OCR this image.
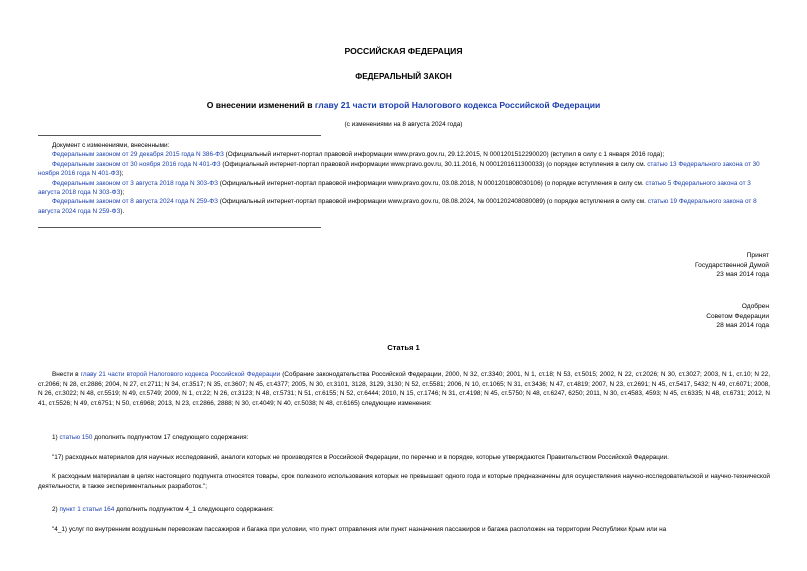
РОССИЙСКАЯ ФЕДЕРАЦИЯ
ФЕДЕРАЛЬНЫЙ ЗАКОН
О внесении изменений в главу 21 части второй Налогового кодекса Российской Федерации
(с изменениями на 8 августа 2024 года)
Документ с изменениями, внесенными:
Федеральным законом от 29 декабря 2015 года N 386-ФЗ (Официальный интернет-портал правовой информации www.pravo.gov.ru, 29.12.2015, N 0001201512290020) (вступил в силу с 1 января 2016 года);
Федеральным законом от 30 ноября 2016 года N 401-ФЗ (Официальный интернет-портал правовой информации www.pravo.gov.ru, 30.11.2016, N 0001201611300033) (о порядке вступления в силу см. статью 13 Федерального закона от 30 ноября 2016 года N 401-ФЗ);
Федеральным законом от 3 августа 2018 года N 303-ФЗ (Официальный интернет-портал правовой информации www.pravo.gov.ru, 03.08.2018, N 0001201808030106) (о порядке вступления в силу см. статью 5 Федерального закона от 3 августа 2018 года N 303-ФЗ);
Федеральным законом от 8 августа 2024 года N 259-ФЗ (Официальный интернет-портал правовой информации www.pravo.gov.ru, 08.08.2024, № 0001202408080089) (о порядке вступления в силу см. статью 19 Федерального закона от 8 августа 2024 года N 259-ФЗ).
Принят
Государственной Думой
23 мая 2014 года
Одобрен
Советом Федерации
28 мая 2014 года
Статья 1

Внести в главу 21 части второй Налогового кодекса Российской Федерации (Собрание законодательства Российской Федерации, 2000, N 32, ст.3340; 2001, N 1, ст.18; N 53, ст.5015; 2002, N 22, ст.2026; N 30, ст.3027; 2003, N 1, ст.10; N 22, ст.2066; N 28, ст.2886; 2004, N 27, ст.2711; N 34, ст.3517; N 35, ст.3607; N 45, ст.4377; 2005, N 30, ст.3101, 3128, 3129, 3130; N 52, ст.5581; 2006, N 10, ст.1065; N 31, ст.3436; N 47, ст.4819; 2007, N 23, ст.2691; N 45, ст.5417, 5432; N 49, ст.6071; 2008, N 26, ст.3022; N 48, ст.5519; N 49, ст.5749; 2009, N 1, ст.22; N 26, ст.3123; N 48, ст.5731; N 51, ст.6155; N 52, ст.6444; 2010, N 15, ст.1746; N 31, ст.4198; N 45, ст.5750; N 48, ст.6247, 6250; 2011, N 30, ст.4583, 4593; N 45, ст.6335; N 48, ст.6731; 2012, N 41, ст.5526; N 49, ст.6751; N 50, ст.6968; 2013, N 23, ст.2866, 2888; N 30, ст.4049; N 40, ст.5038; N 48, ст.6165) следующие изменения:

1) статью 150 дополнить подпунктом 17 следующего содержания:

"17) расходных материалов для научных исследований, аналоги которых не производятся в Российской Федерации, по перечню и в порядке, которые утверждаются Правительством Российской Федерации.

К расходным материалам в целях настоящего подпункта относятся товары, срок полезного использования которых не превышает одного года и которые предназначены для осуществления научно-исследовательской и научно-технической деятельности, в также экспериментальных разработок.";

2) пункт 1 статьи 164 дополнить подпунктом 4_1 следующего содержания:

"4_1) услуг по внутренним воздушным перевозкам пассажиров и багажа при условии, что пункт отправления или пункт назначения пассажиров и багажа расположен на территории Республики Крым или на
